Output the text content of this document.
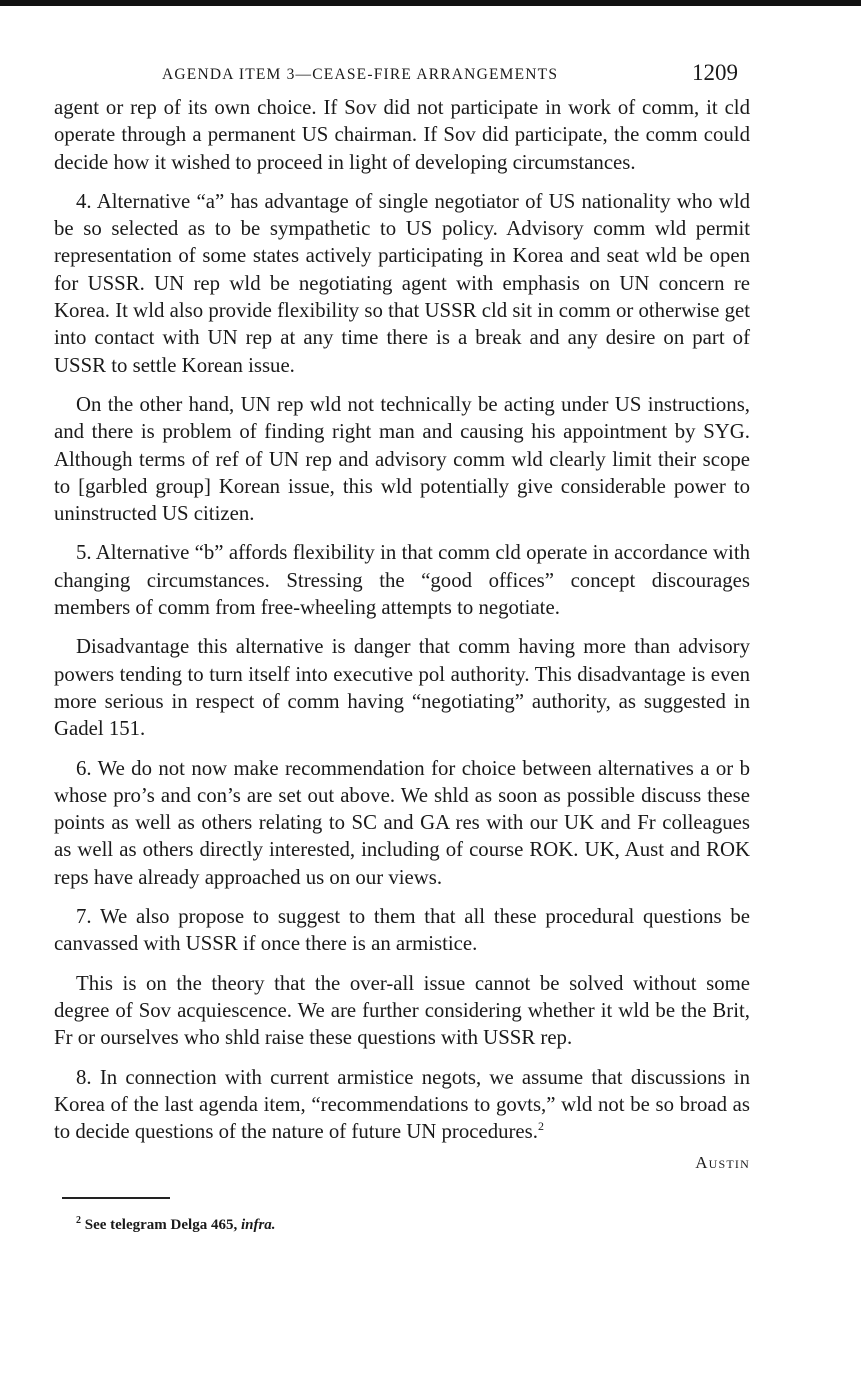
AGENDA ITEM 3—CEASE-FIRE ARRANGEMENTS	1209

agent or rep of its own choice. If Sov did not participate in work of comm, it cld operate through a permanent US chairman. If Sov did participate, the comm could decide how it wished to proceed in light of developing circumstances.

4. Alternative “a” has advantage of single negotiator of US nationality who wld be so selected as to be sympathetic to US policy. Advisory comm wld permit representation of some states actively participating in Korea and seat wld be open for USSR. UN rep wld be negotiating agent with emphasis on UN concern re Korea. It wld also provide flexibility so that USSR cld sit in comm or otherwise get into contact with UN rep at any time there is a break and any desire on part of USSR to settle Korean issue.

On the other hand, UN rep wld not technically be acting under US instructions, and there is problem of finding right man and causing his appointment by SYG. Although terms of ref of UN rep and advisory comm wld clearly limit their scope to [garbled group] Korean issue, this wld potentially give considerable power to uninstructed US citizen.

5. Alternative “b” affords flexibility in that comm cld operate in accordance with changing circumstances. Stressing the “good offices” concept discourages members of comm from free-wheeling attempts to negotiate.

Disadvantage this alternative is danger that comm having more than advisory powers tending to turn itself into executive pol authority. This disadvantage is even more serious in respect of comm having “negotiating” authority, as suggested in Gadel 151.

6. We do not now make recommendation for choice between alternatives a or b whose pro’s and con’s are set out above. We shld as soon as possible discuss these points as well as others relating to SC and GA res with our UK and Fr colleagues as well as others directly interested, including of course ROK. UK, Aust and ROK reps have already approached us on our views.

7. We also propose to suggest to them that all these procedural questions be canvassed with USSR if once there is an armistice.

This is on the theory that the over-all issue cannot be solved without some degree of Sov acquiescence. We are further considering whether it wld be the Brit, Fr or ourselves who shld raise these questions with USSR rep.

8. In connection with current armistice negots, we assume that discussions in Korea of the last agenda item, “recommendations to govts,” wld not be so broad as to decide questions of the nature of future UN procedures.$^2$

Austin
$^2$ See telegram Delga 465, infra.
